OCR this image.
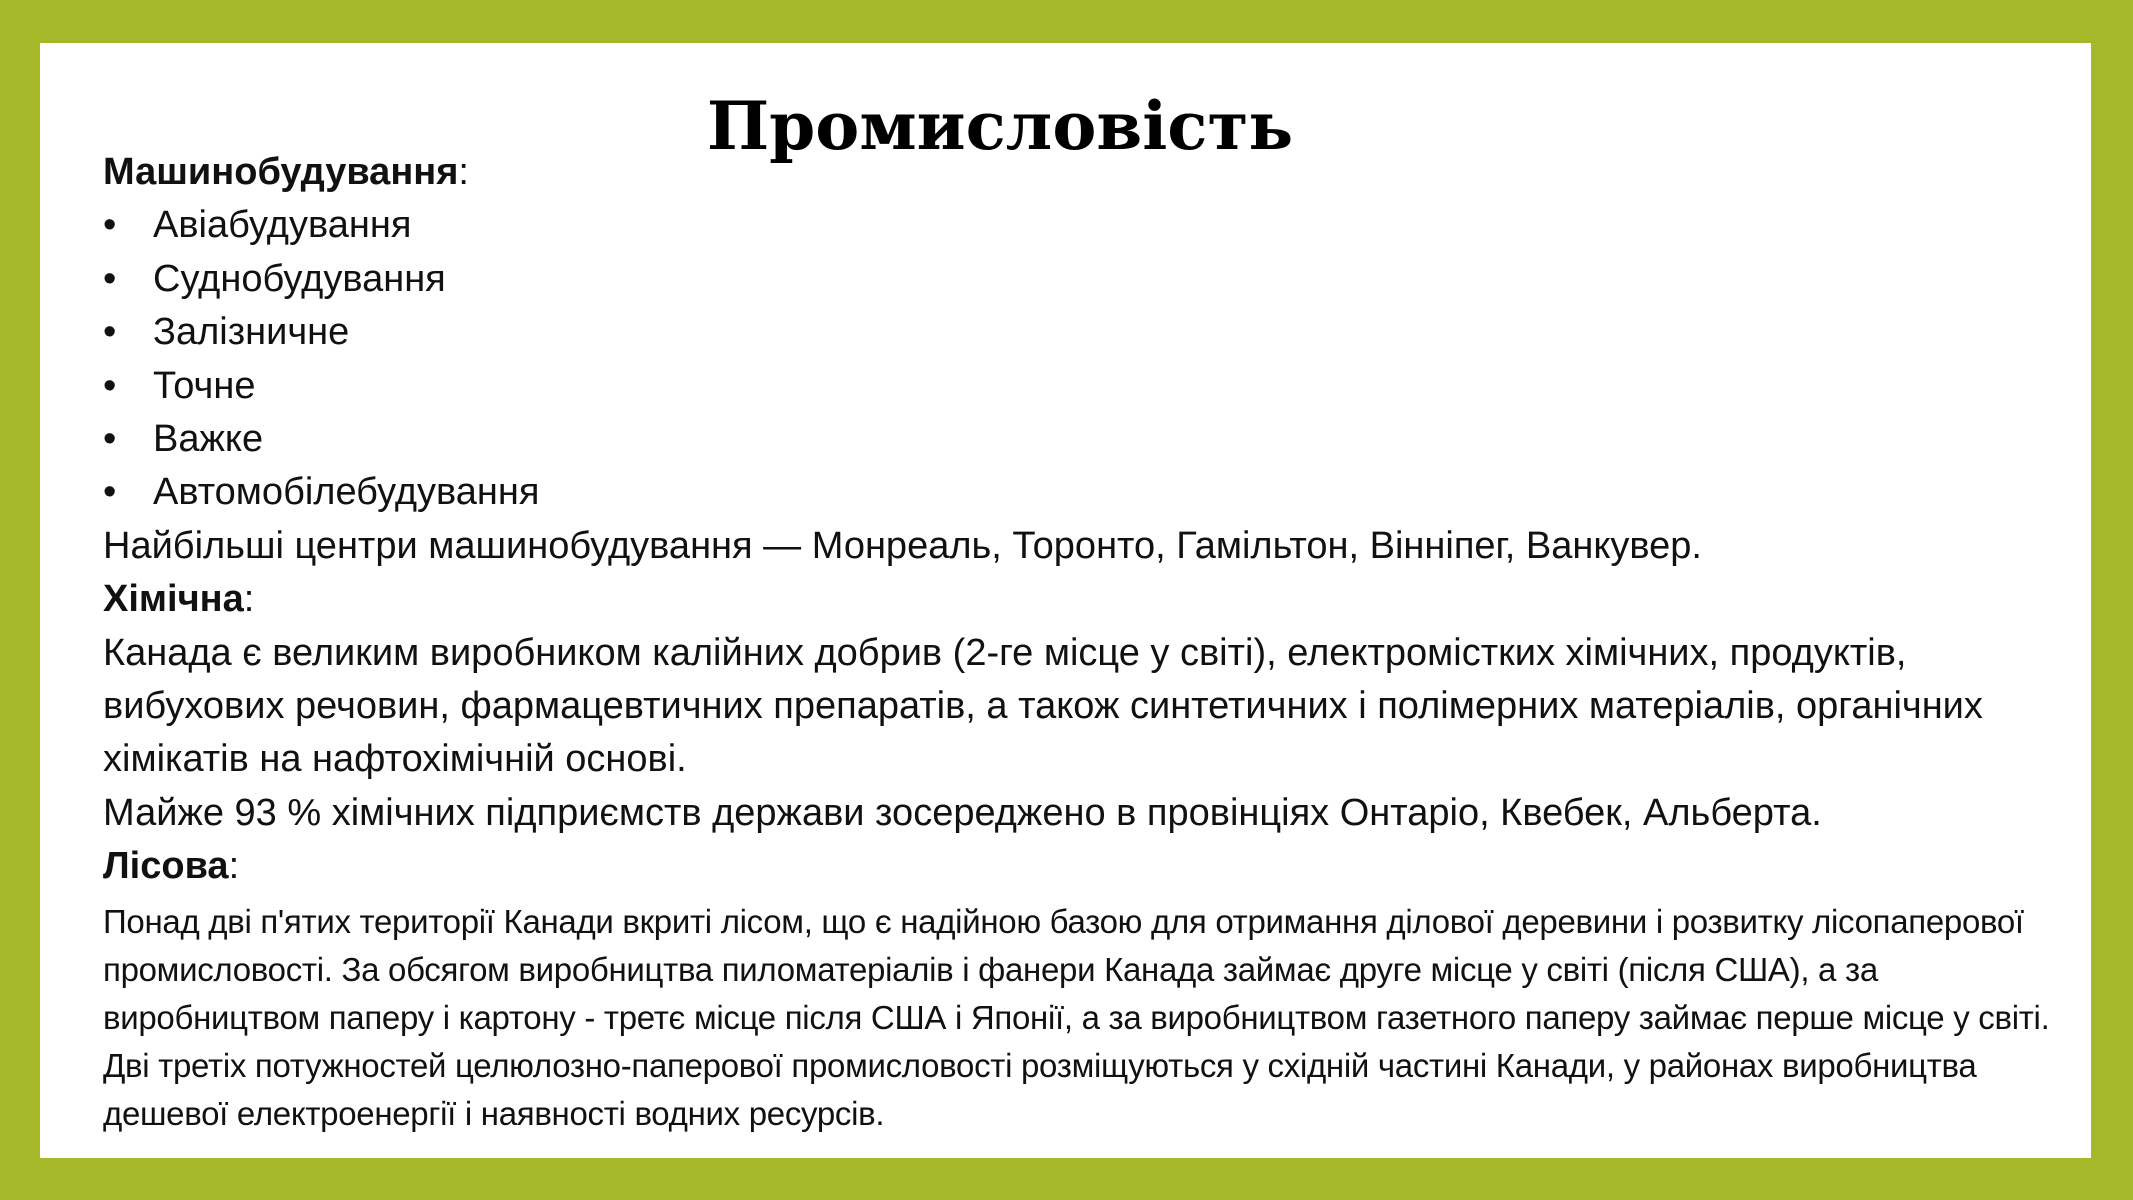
Промисловість
Машинобудування:
• Авіабудування
• Суднобудування
• Залізничне
• Точне
• Важке
• Автомобілебудування
Найбільші центри машинобудування — Монреаль, Торонто, Гамільтон, Вінніпег, Ванкувер.
Хімічна:

Канада є великим виробником калійних добрив (2-ге місце у світі), електромістких хімічних, продуктів, вибухових речовин, фармацевтичних препаратів, а також синтетичних і полімерних матеріалів, органічних хімікатів на нафтохімічній основі.

Майже 93 % хімічних підприємств держави зосереджено в провінціях Онтаріо, Квебек, Альберта.
Лісова:

Понад дві п'ятих території Канади вкриті лісом, що є надійною базою для отримання ділової деревини і розвитку лісопаперової промисловості. За обсягом виробництва пиломатеріалів і фанери Канада займає друге місце у світі (після США), а за виробництвом паперу і картону - третє місце після США і Японії, а за виробництвом газетного паперу займає перше місце у світі. Дві третіх потужностей целюлозно-паперової промисловості розміщуються у східній частині Канади, у районах виробництва дешевої електроенергії і наявності водних ресурсів.
